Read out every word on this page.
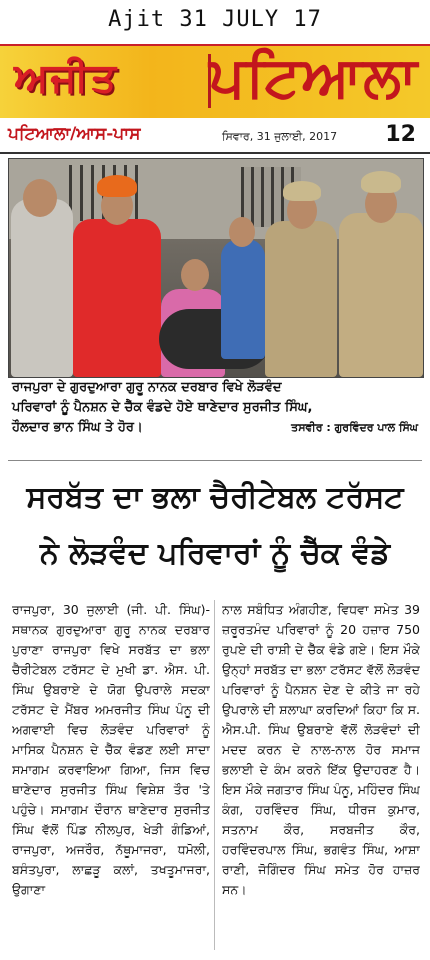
Ajit 31 JULY 17
ਅਜੀਤ ਪਟਿਆਲਾ
ਪਟਿਆਲਾ/ਆਸ-ਪਾਸ	ਸਿਵਾਰ, 31 ਜੁਲਾਈ, 2017 12
ਰਾਜਪੁਰਾ ਦੇ ਗੁਰਦੁਆਰਾ ਗੁਰੂ ਨਾਨਕ ਦਰਬਾਰ ਵਿਖੇ ਲੋੜਵੰਦ
ਪਰਿਵਾਰਾਂ ਨੂੰ ਪੈਨਸ਼ਨ ਦੇ ਚੈੱਕ ਵੰਡਦੇ ਹੋਏ ਥਾਣੇਦਾਰ ਸੁਰਜੀਤ ਸਿੰਘ,
ਹੌਲਦਾਰ ਭਾਨ ਸਿੰਘ ਤੇ ਹੋਰ।	ਤਸਵੀਰ : ਗੁਰਵਿੰਦਰ ਪਾਲ ਸਿੰਘ
ਸਰਬੱਤ ਦਾ ਭਲਾ ਚੈਰੀਟੇਬਲ ਟਰੱਸਟ
ਨੇ ਲੋੜਵੰਦ ਪਰਿਵਾਰਾਂ ਨੂੰ ਚੈੱਕ ਵੰਡੇ
ਰਾਜਪੁਰਾ, 30 ਜੁਲਾਈ (ਜੀ. ਪੀ. ਸਿੰਘ)- ਸਥਾਨਕ ਗੁਰਦੁਆਰਾ ਗੁਰੂ ਨਾਨਕ ਦਰਬਾਰ ਪੁਰਾਣਾ ਰਾਜਪੁਰਾ ਵਿਖੇ ਸਰਬੱਤ ਦਾ ਭਲਾ ਚੈਰੀਟੇਬਲ ਟਰੱਸਟ ਦੇ ਮੁਖੀ ਡਾ. ਐਸ. ਪੀ. ਸਿੰਘ ਉਬਰਾਏ ਦੇ ਯੋਗ ਉਪਰਾਲੇ ਸਦਕਾ ਟਰੱਸਟ ਦੇ ਮੈਂਬਰ ਅਮਰਜੀਤ ਸਿੰਘ ਪੰਨੂ ਦੀ ਅਗਵਾਈ ਵਿਚ ਲੋੜਵੰਦ ਪਰਿਵਾਰਾਂ ਨੂੰ ਮਾਸਿਕ ਪੈਨਸ਼ਨ ਦੇ ਚੈੱਕ ਵੰਡਣ ਲਈ ਸਾਦਾ ਸਮਾਗਮ ਕਰਵਾਇਆ ਗਿਆ, ਜਿਸ ਵਿਚ ਥਾਣੇਦਾਰ ਸੁਰਜੀਤ ਸਿੰਘ ਵਿਸ਼ੇਸ਼ ਤੌਰ 'ਤੇ ਪਹੁੰਚੇ। ਸਮਾਗਮ ਦੌਰਾਨ ਥਾਣੇਦਾਰ ਸੁਰਜੀਤ ਸਿੰਘ ਵੱਲੋਂ ਪਿੰਡ ਨੀਲਪੁਰ, ਖੇੜੀ ਗੰਡਿਆਂ, ਰਾਜਪੁਰਾ, ਅਜਰੌਰ, ਨੱਥੂਮਾਜਰਾ, ਧਮੋਲੀ, ਬਸੰਤਪੁਰਾ, ਲਾਛੜੂ ਕਲਾਂ, ਤਖਤੂਮਾਜਰਾ, ਉਗਾਣਾ
ਨਾਲ ਸਬੰਧਿਤ ਅੰਗਹੀਣ, ਵਿਧਵਾ ਸਮੇਤ 39 ਜ਼ਰੂਰਤਮੰਦ ਪਰਿਵਾਰਾਂ ਨੂੰ 20 ਹਜ਼ਾਰ 750 ਰੁਪਏ ਦੀ ਰਾਸ਼ੀ ਦੇ ਚੈੱਕ ਵੰਡੇ ਗਏ। ਇਸ ਮੌਕੇ ਉਨ੍ਹਾਂ ਸਰਬੱਤ ਦਾ ਭਲਾ ਟਰੱਸਟ ਵੱਲੋਂ ਲੋੜਵੰਦ ਪਰਿਵਾਰਾਂ ਨੂੰ ਪੈਨਸ਼ਨ ਦੇਣ ਦੇ ਕੀਤੇ ਜਾ ਰਹੇ ਉਪਰਾਲੇ ਦੀ ਸ਼ਲਾਘਾ ਕਰਦਿਆਂ ਕਿਹਾ ਕਿ ਸ. ਐਸ.ਪੀ. ਸਿੰਘ ਉਬਰਾਏ ਵੱਲੋਂ ਲੋੜਵੰਦਾਂ ਦੀ ਮਦਦ ਕਰਨ ਦੇ ਨਾਲ-ਨਾਲ ਹੋਰ ਸਮਾਜ ਭਲਾਈ ਦੇ ਕੰਮ ਕਰਨੇ ਇੱਕ ਉਦਾਹਰਣ ਹੈ। ਇਸ ਮੌਕੇ ਜਗਤਾਰ ਸਿੰਘ ਪੰਨੂ, ਮਹਿੰਦਰ ਸਿੰਘ ਕੰਗ, ਹਰਵਿੰਦਰ ਸਿੰਘ, ਧੀਰਜ ਕੁਮਾਰ, ਸਤਨਾਮ ਕੌਰ, ਸਰਬਜੀਤ ਕੌਰ, ਹਰਵਿੰਦਰਪਾਲ ਸਿੰਘ, ਭਗਵੰਤ ਸਿੰਘ, ਆਸ਼ਾ ਰਾਣੀ, ਜੋਗਿੰਦਰ ਸਿੰਘ ਸਮੇਤ ਹੋਰ ਹਾਜ਼ਰ ਸਨ।
